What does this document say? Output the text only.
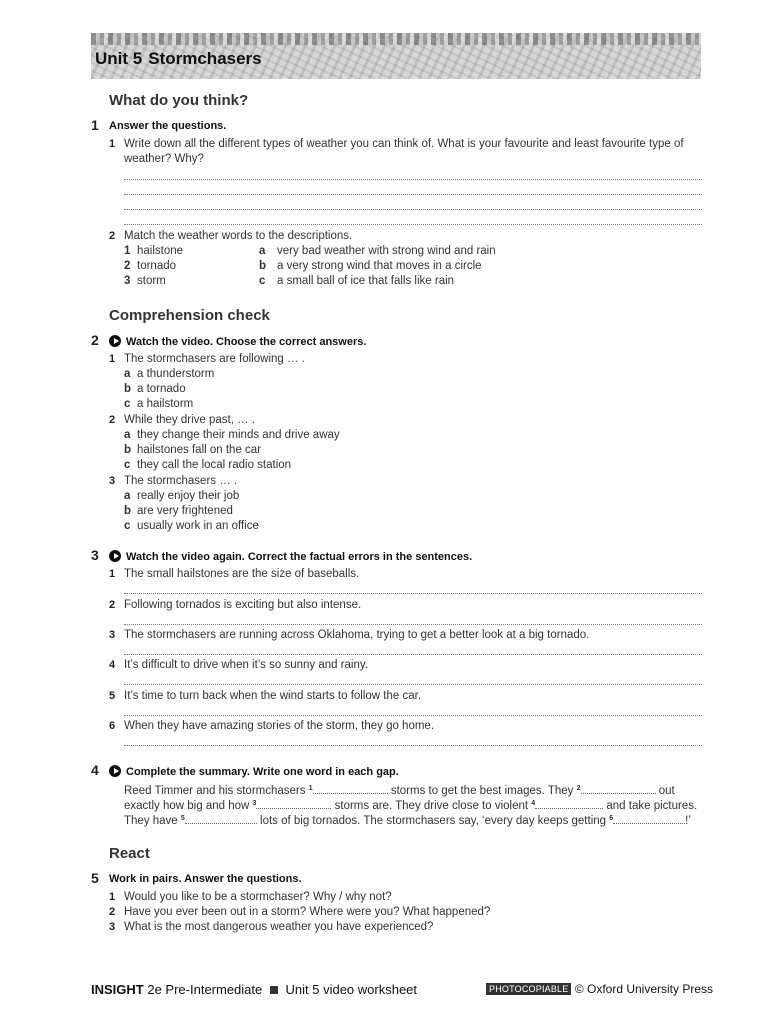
Unit 5 Stormchasers
What do you think?
1 Answer the questions.
1 Write down all the different types of weather you can think of. What is your favourite and least favourite type of
weather? Why?
2 Match the weather words to the descriptions.
1 hailstone	a very bad weather with strong wind and rain
2 tornado	b a very strong wind that moves in a circle
3 storm	c a small ball of ice that falls like rain
Comprehension check
2	Watch the video. Choose the correct answers.
1 The stormchasers are following … .
a a thunderstorm
b a tornado
c a hailstorm
2 While they drive past, … .
a they change their minds and drive away
b hailstones fall on the car
c they call the local radio station
3 The stormchasers … .
a really enjoy their job
b are very frightened
c usually work in an office
3	Watch the video again. Correct the factual errors in the sentences.
1 The small hailstones are the size of baseballs.
2 Following tornados is exciting but also intense.
3 The stormchasers are running across Oklahoma, trying to get a better look at a big tornado.
4 It’s difficult to drive when it’s so sunny and rainy.
5 It’s time to turn back when the wind starts to follow the car.
6 When they have amazing stories of the storm, they go home.
4	Complete the summary. Write one word in each gap.
Reed Timmer and his stormchasers $^1$	storms to get the best images. They $^2$	out
exactly how big and how $^3$	storms are. They drive close to violent $^4$	and take pictures.
They have $^5$	lots of big tornados. The stormchasers say, ‘every day keeps getting $^6$	!’
React
5 Work in pairs. Answer the questions.
1 Would you like to be a stormchaser? Why / why not?
2 Have you ever been out in a storm? Where were you? What happened?
3 What is the most dangerous weather you have experienced?
INSIGHT 2e Pre-Intermediate Unit 5 video worksheet	PHOTOCOPIABLE © Oxford University Press
